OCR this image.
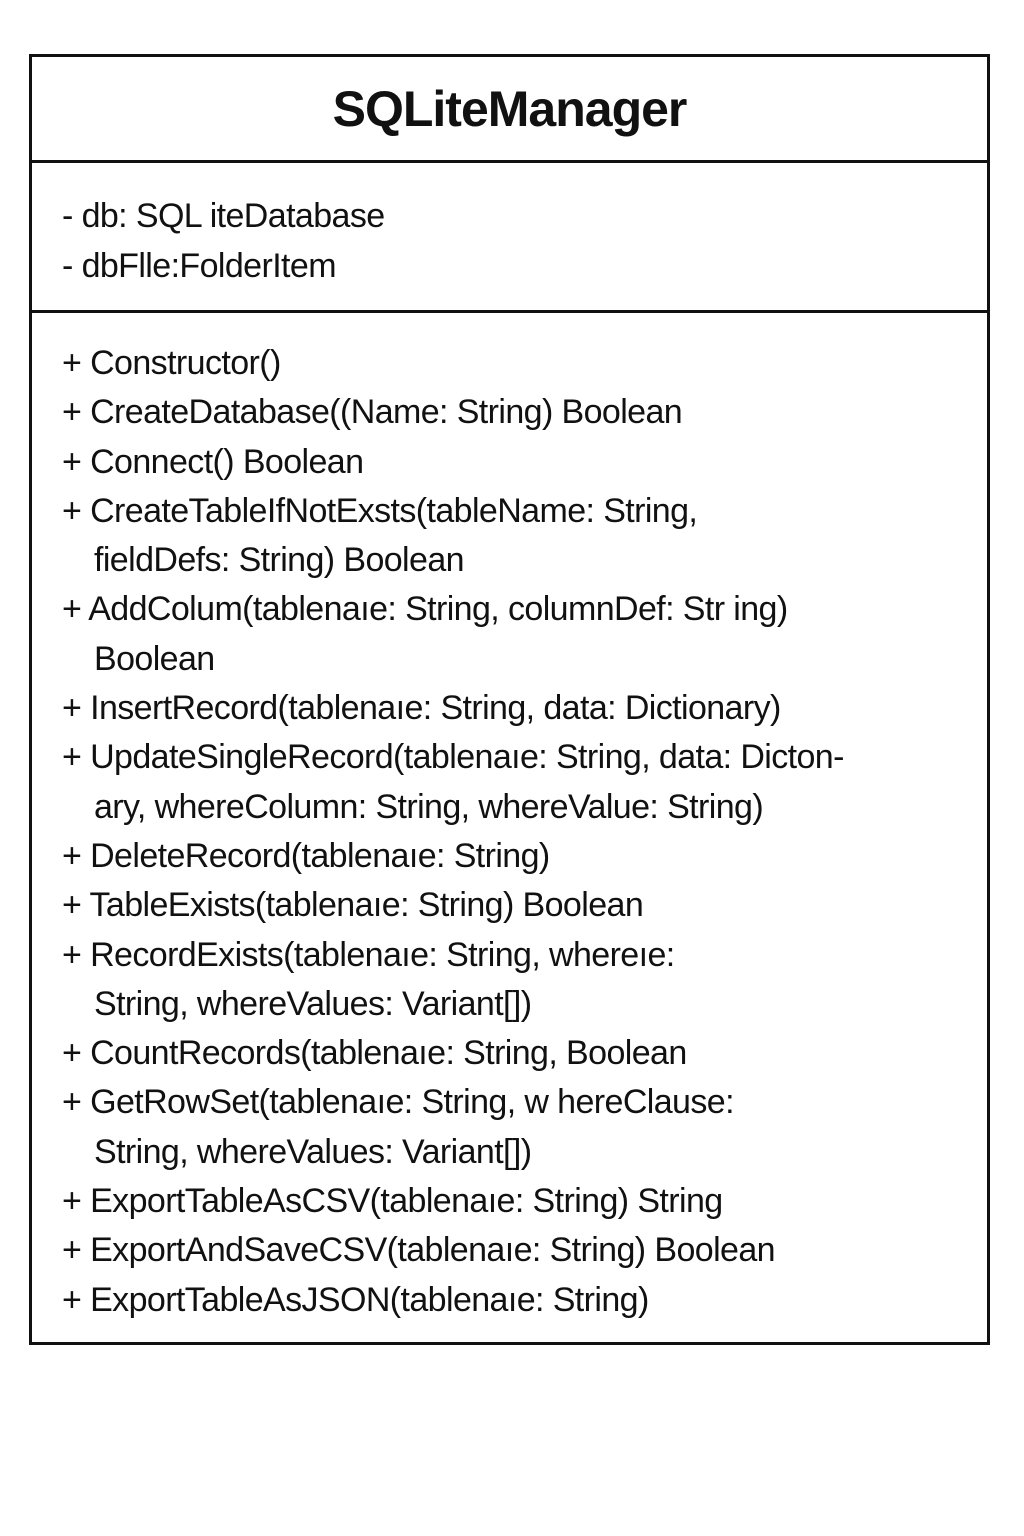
SQLiteManager
- db: SQL iteDatabase
- dbFlle:FolderItem
+ Constructor()
+ CreateDatabase((Name: String) Boolean
+ Connect() Boolean
+ CreateTableIfNotExsts(tableName: String,
fieldDefs: String) Boolean
+ AddColum(tablenaıe: String, columnDef: Str ing)
Boolean
+ InsertRecord(tablenaıe: String, data: Dictionary)
+ UpdateSingleRecord(tablenaıe: String, data: Dicton-
ary, whereColumn: String, whereValue: String)
+ DeleteRecord(tablenaıe: String)
+ TableExists(tablenaıe: String) Boolean
+ RecordExists(tablenaıe: String, whereıe:
String, whereValues: Variant[])
+ CountRecords(tablenaıe: String, Boolean
+ GetRowSet(tablenaıe: String, w hereClause:
String, whereValues: Variant[])
+ ExportTableAsCSV(tablenaıe: String) String
+ ExportAndSaveCSV(tablenaıe: String) Boolean
+ ExportTableAsJSON(tablenaıe: String)
